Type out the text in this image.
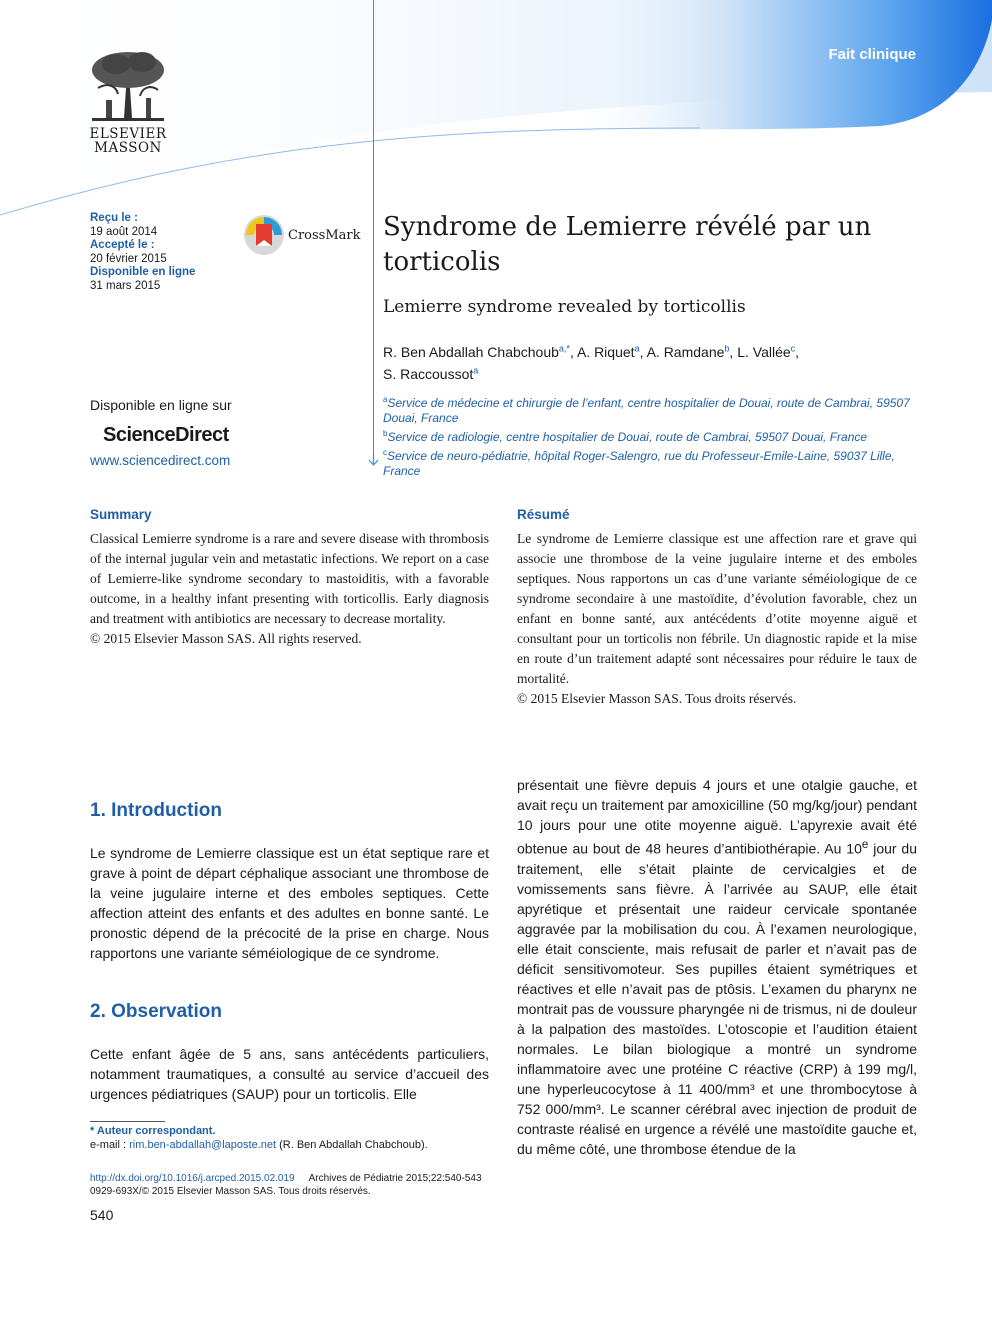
Fait clinique
ELSEVIER
MASSON
Reçu le :
19 août 2014
Accepté le :
20 février 2015
Disponible en ligne
31 mars 2015
CrossMark Syndrome de Lemierre révélé par un torticolis
Lemierre syndrome revealed by torticollis
R. Ben Abdallah Chabchoub$^{a,*}$, A. Riquet$^a$, A. Ramdane$^b$, L. Vallée$^c$,
S. Raccoussot$^a$
$^a$Service de médecine et chirurgie de l’enfant, centre hospitalier de Douai, route de Cambrai, 59507 Douai, France
$^b$Service de radiologie, centre hospitalier de Douai, route de Cambrai, 59507 Douai, France
$^c$Service de neuro-pédiatrie, hôpital Roger-Salengro, rue du Professeur-Emile-Laine, 59037 Lille, France
Disponible en ligne sur
ScienceDirect
www.sciencedirect.com
Summary

Classical Lemierre syndrome is a rare and severe disease with thrombosis of the internal jugular vein and metastatic infections. We report on a case of Lemierre-like syndrome secondary to mastoiditis, with a favorable outcome, in a healthy infant presenting with torticollis. Early diagnosis and treatment with antibiotics are necessary to decrease mortality.

© 2015 Elsevier Masson SAS. All rights reserved.

Résumé

Le syndrome de Lemierre classique est une affection rare et grave qui associe une thrombose de la veine jugulaire interne et des emboles septiques. Nous rapportons un cas d’une variante séméiologique de ce syndrome secondaire à une mastoïdite, d’évolution favorable, chez un enfant en bonne santé, aux antécédents d’otite moyenne aiguë et consultant pour un torticolis non fébrile. Un diagnostic rapide et la mise en route d’un traitement adapté sont nécessaires pour réduire le taux de mortalité.

© 2015 Elsevier Masson SAS. Tous droits réservés.

1. Introduction

Le syndrome de Lemierre classique est un état septique rare et grave à point de départ céphalique associant une thrombose de la veine jugulaire interne et des emboles septiques. Cette affection atteint des enfants et des adultes en bonne santé. Le pronostic dépend de la précocité de la prise en charge. Nous rapportons une variante séméiologique de ce syndrome.

2. Observation

Cette enfant âgée de 5 ans, sans antécédents particuliers, notamment traumatiques, a consulté au service d’accueil des urgences pédiatriques (SAUP) pour un torticolis. Elle

présentait une fièvre depuis 4 jours et une otalgie gauche, et avait reçu un traitement par amoxicilline (50 mg/kg/jour) pendant 10 jours pour une otite moyenne aiguë. L’apyrexie avait été obtenue au bout de 48 heures d’antibiothérapie. Au 10e jour du traitement, elle s’était plainte de cervicalgies et de vomissements sans fièvre. À l’arrivée au SAUP, elle était apyrétique et présentait une raideur cervicale spontanée aggravée par la mobilisation du cou. À l’examen neurologique, elle était consciente, mais refusait de parler et n’avait pas de déficit sensitivomoteur. Ses pupilles étaient symétriques et réactives et elle n’avait pas de ptôsis. L’examen du pharynx ne montrait pas de voussure pharyngée ni de trismus, ni de douleur à la palpation des mastoïdes. L’otoscopie et l’audition étaient normales. Le bilan biologique a montré un syndrome inflammatoire avec une protéine C réactive (CRP) à 199 mg/l, une hyperleucocytose à 11 400/mm³ et une thrombocytose à 752 000/mm³. Le scanner cérébral avec injection de produit de contraste réalisé en urgence a révélé une mastoïdite gauche et, du même côté, une thrombose étendue de la

* Auteur correspondant.
e-mail : rim.ben-abdallah@laposte.net (R. Ben Abdallah Chabchoub).
http://dx.doi.org/10.1016/j.arcped.2015.02.019 Archives de Pédiatrie 2015;22:540-543
0929-693X/© 2015 Elsevier Masson SAS. Tous droits réservés.
540
